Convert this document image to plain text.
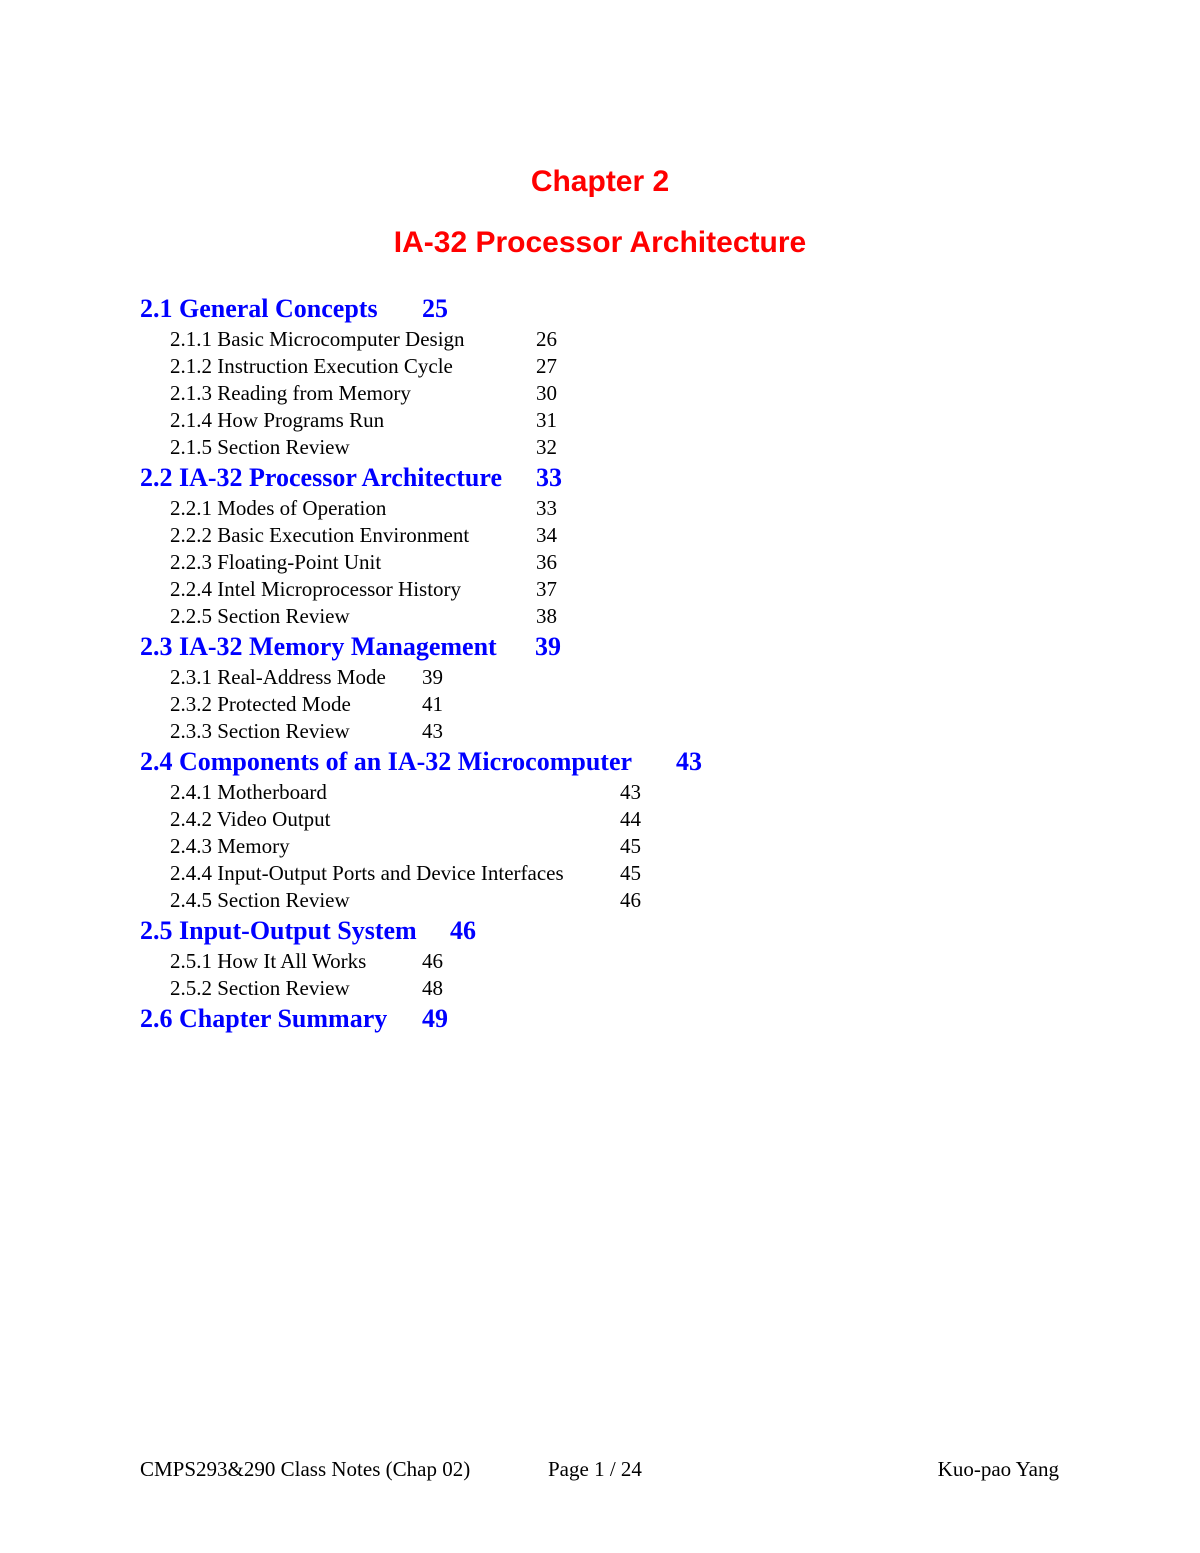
Chapter 2
IA-32 Processor Architecture
2.1 General Concepts	25
2.1.1 Basic Microcomputer Design	26
2.1.2 Instruction Execution Cycle	27
2.1.3 Reading from Memory	30
2.1.4 How Programs Run	31
2.1.5 Section Review	32
2.2 IA-32 Processor Architecture	33
2.2.1 Modes of Operation	33
2.2.2 Basic Execution Environment	34
2.2.3 Floating-Point Unit	36
2.2.4 Intel Microprocessor History	37
2.2.5 Section Review	38
2.3 IA-32 Memory Management	39
2.3.1 Real-Address Mode	39
2.3.2 Protected Mode	41
2.3.3 Section Review	43
2.4 Components of an IA-32 Microcomputer	43
2.4.1 Motherboard	43
2.4.2 Video Output	44
2.4.3 Memory	45
2.4.4 Input-Output Ports and Device Interfaces	45
2.4.5 Section Review	46
2.5 Input-Output System	46
2.5.1 How It All Works	46
2.5.2 Section Review	48
2.6 Chapter Summary	49
CMPS293&290 Class Notes (Chap 02)	Page 1 / 24	Kuo-pao Yang
